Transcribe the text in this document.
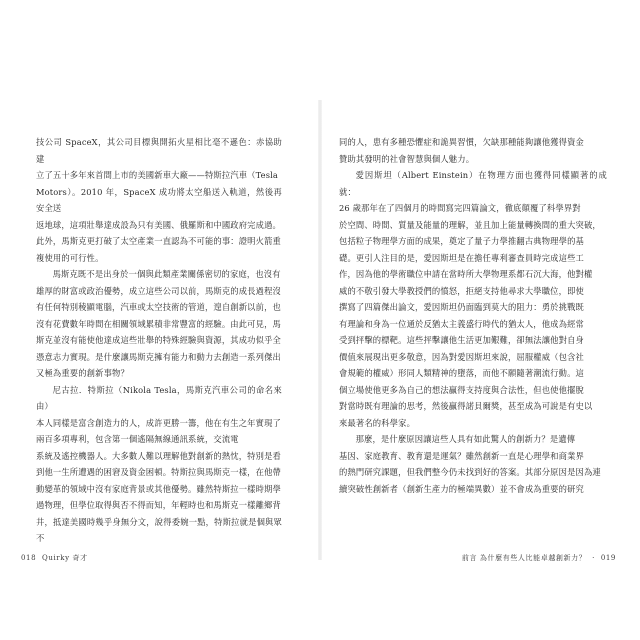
技公司 SpaceX，其公司目標與開拓火星相比毫不遜色：赤協助建
立了五十多年來首間上市的美國新車大廠——特斯拉汽車（Tesla
Motors）。2010 年，SpaceX 成功將太空船送入軌道，然後再安全送
返地球，這項壯舉達成設為只有美國、俄羅斯和中國政府完成過。
此外，馬斯克更打破了太空產業一直認為不可能的事：證明火箭重
複使用的可行性。

馬斯克既不是出身於一個與此類產業關係密切的家庭，也沒有
雄厚的財富或政治優勢，成立這些公司以前，馬斯克的成長過程沒
有任何特別稜顯電腦，汽車或太空技術的管道，遑自創新以前，也
沒有花費數年時間在相關領域累積非常豐富的經驗。由此可見，馬
斯克並沒有能使他達成這些壯舉的特殊經驗與資源，其成功似乎全
憑意志力實現。是什麼讓馬斯克擁有能力和動力去創造一系列傑出
又極為重要的創新事物？

尼古拉．特斯拉（Nikola Tesla，馬斯克汽車公司的命名來由）
本人同樣是富含創造力的人，成許更勝一籌，他在有生之年實現了
兩百多項專利，包含第一個遙隔無線通訊系統，交流電
系統及遙控機器人。大多數人難以理解他對創新的熱忱，特別是看
到他一生所遭遇的困窘及資金困頓。特斯拉與馬斯克一樣，在他帶
動變革的領域中沒有家庭背景或其他優勢。雖然特斯拉一樣時期學
過物理，但學位取得與否不得而知，年輕時也和馬斯克一樣離鄉背
井，抵達美國時幾乎身無分文，說得委婉一點，特斯拉就是個與眾不

同的人，患有多種恐懼症和詭異習慣，欠缺那種能夠讓他獲得資金
贊助其發明的社會智慧與個人魅力。

愛因斯坦（Albert Einstein）在物理方面也獲得同樣顯著的成就：
26 歲那年在了四個月的時間寫完四篇論文，徹底顛覆了科學界對
於空間、時間、質量及能量的理解，並且加上能量轉換間的重大突破，
包括粒子物理學方面的成果，奠定了量子力學推翻古典物理學的基
礎。更引人注目的是，愛因斯坦是在擔任專利審查員時完成這些工
作，因為他的學術職位申請在當時所大學物理系都石沉大海，他對權
威的不敬引發大學教授們的憤怒，拒絕支持他尋求大學職位，即使
撰寫了四篇傑出論文，愛因斯坦仍面臨到莫大的阻力：勇於挑戰既
有理論和身為一位通於反猶太主義盛行時代的猶太人，他成為經常
受到抨擊的標靶。這些抨擊讓他生活更加艱難，卻無法讓他對自身
價值來展現出更多敬意，因為對愛因斯坦來說，屈服權威（包含社
會規範的權威）形同人類精神的墮落，而他不願隨著潮流行動。這
個立場使他更多為自己的想法贏得支持度與合法性，但也使他擺脫
對當時既有理論的思考，然後贏得諾貝爾獎，甚至成為可說是有史以
來最著名的科學家。

那麼，是什麼原因讓這些人具有如此驚人的創新力？是遺傳
基因、家庭教育、教育還是運氣？雖然創新一直是心理學和商業界
的熱門研究課題，但我們整今仍未找到好的答案。其部分原因是因為連
續突破性創新者（創新生產力的極端異數）並不會成為重要的研究

018 Quirky 奇才	前言 為什麼有些人比能卓越創新力？ · 019
